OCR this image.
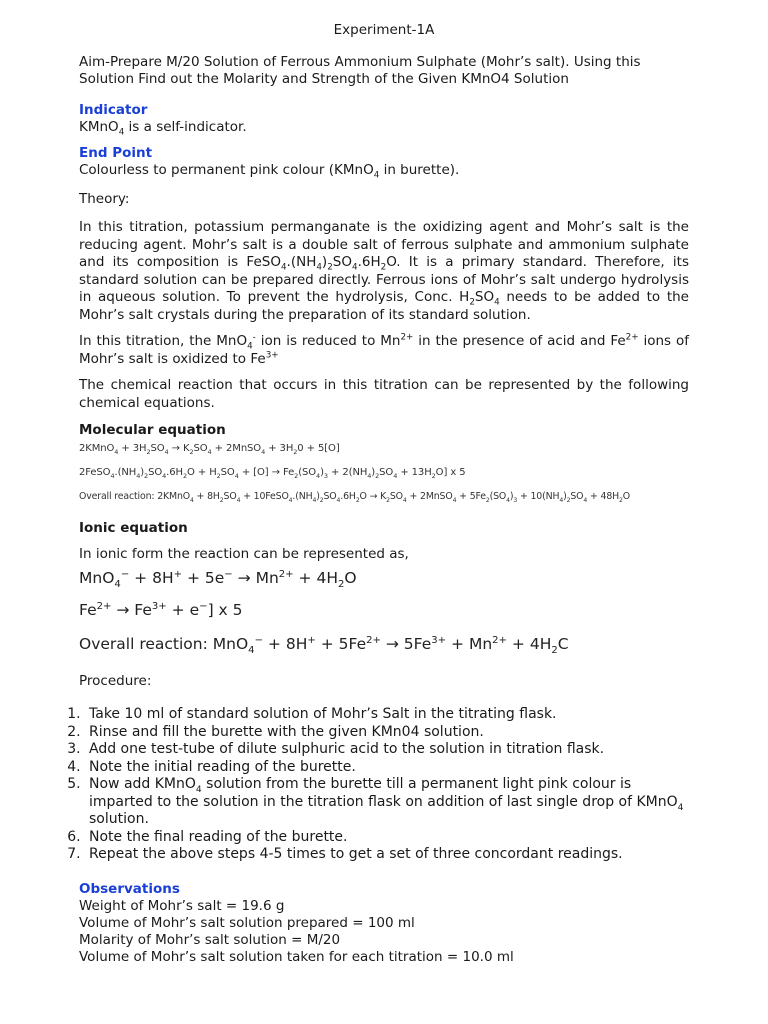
Experiment-1A

Aim-Prepare M/20 Solution of Ferrous Ammonium Sulphate (Mohr’s salt). Using this Solution Find out the Molarity and Strength of the Given KMnO4 Solution

Indicator

KMnO$_4$ is a self-indicator.

End Point

Colourless to permanent pink colour (KMnO$_4$ in burette).

Theory:

In this titration, potassium permanganate is the oxidizing agent and Mohr’s salt is the reducing agent. Mohr’s salt is a double salt of ferrous sulphate and ammonium sulphate and its composition is $FeSO_4.(NH_4)_2SO_4.6H_2O$. It is a primary standard. Therefore, its standard solution can be prepared directly. Ferrous ions of Mohr’s salt undergo hydrolysis in aqueous solution. To prevent the hydrolysis, Conc. $H_2SO_4$ needs to be added to the Mohr’s salt crystals during the preparation of its standard solution.

In this titration, the MnO$_4$- ion is reduced to $Mn^{2+}$ in the presence of acid and $Fe^{2+}$ ions of Mohr’s salt is oxidized to $Fe^{3+}$

The chemical reaction that occurs in this titration can be represented by the following chemical equations.

Molecular equation

2KMnO$_4$ + $3H_2SO_4 \to K_2SO_4$ + 2MnSO$_4$ + $3H_20 + 5[O]$

$2FeSO_4.(NH_4)_2SO_4.6H_2O + H_2SO_4 + [O] \to Fe_2(SO_4)_3 + 2(NH_4)_2SO_4 + 13H_2O$] x 5

Overall reaction: 2KMnO$_4$ + $8H_2SO_4$ + $10FeSO_4.(NH_4)_2SO_4.6H_2O \to K_2SO_4$ + 2MnSO$_4$ + $5Fe_2(SO_4)_3 + 10(NH_4)_2SO_4 + 48H_2O$

Ionic equation

In ionic form the reaction can be represented as,

$MnO_4^- + 8H^+ + 5e^- \to Mn^{2+} + 4H_2O$

$Fe^{2+} \to Fe^{3+} + e^-$] x 5

Overall reaction: $MnO_4^- + 8H^+ + 5Fe^{2+} \to 5Fe^{3+} + Mn^{2+} + 4H_2C$

Procedure:

1. Take 10 ml of standard solution of Mohr’s Salt in the titrating flask.
2. Rinse and fill the burette with the given KMn04 solution.
3. Add one test-tube of dilute sulphuric acid to the solution in titration flask.
4. Note the initial reading of the burette.
5. Now add KMnO$_4$ solution from the burette till a permanent light pink colour is imparted to the solution in the titration flask on addition of last single drop of KMnO$_4$ solution.
6. Note the final reading of the burette.
7. Repeat the above steps 4-5 times to get a set of three concordant readings.
Observations

Weight of Mohr’s salt = 19.6 g

Volume of Mohr’s salt solution prepared = 100 ml

Molarity of Mohr’s salt solution = M/20

Volume of Mohr’s salt solution taken for each titration = 10.0 ml
